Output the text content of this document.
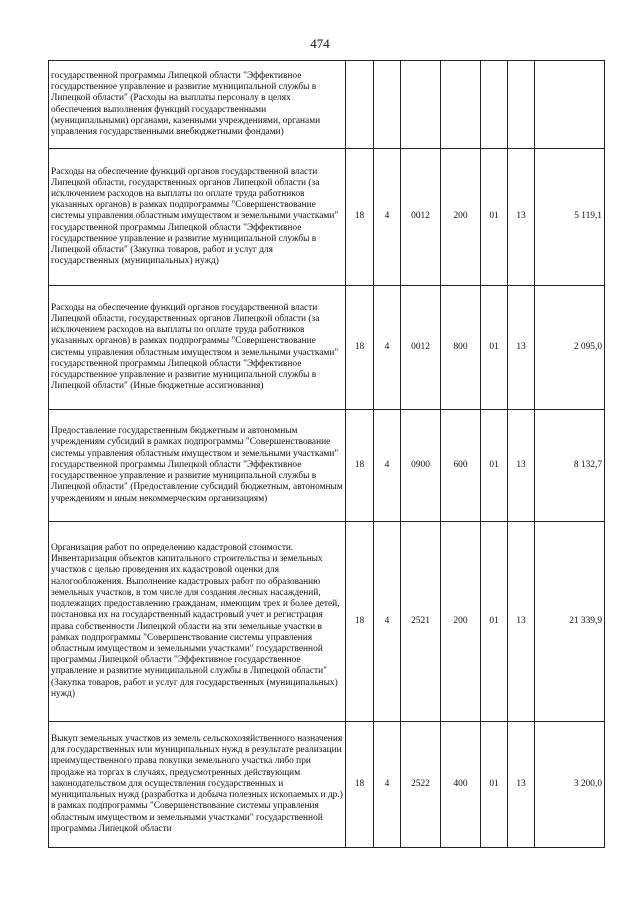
474
государственной программы Липецкой области "Эффективное государственное управление и развитие муниципальной службы в Липецкой области" (Расходы на выплаты персоналу в целях обеспечения выполнения функций государственными (муниципальными) органами, казенными учреждениями, органами управления государственными внебюджетными фондами)							
Расходы на обеспечение функций органов государственной власти Липецкой области, государственных органов Липецкой области (за исключением расходов на выплаты по оплате труда работников указанных органов) в рамках подпрограммы "Совершенствование системы управления областным имуществом и земельными участками" государственной программы Липецкой области "Эффективное государственное управление и развитие муниципальной службы в Липецкой области" (Закупка товаров, работ и услуг для государственных (муниципальных) нужд)	18	4	0012	200	01	13	5 119,1
Расходы на обеспечение функций органов государственной власти Липецкой области, государственных органов Липецкой области (за исключением расходов на выплаты по оплате труда работников указанных органов) в рамках подпрограммы "Совершенствование системы управления областным имуществом и земельными участками" государственной программы Липецкой области "Эффективное государственное управление и развитие муниципальной службы в Липецкой области" (Иные бюджетные ассигнования)	18	4	0012	800	01	13	2 095,0
Предоставление государственным бюджетным и автономным учреждениям субсидий в рамках подпрограммы "Совершенствование системы управления областным имуществом и земельными участками" государственной программы Липецкой области "Эффективное государственное управление и развитие муниципальной службы в Липецкой области" (Предоставление субсидий бюджетным, автономным учреждениям и иным некоммерческим организациям)	18	4	0900	600	01	13	8 132,7
Организация работ по определению кадастровой стоимости. Инвентаризация объектов капитального строительства и земельных участков с целью проведения их кадастровой оценки для налогообложения. Выполнение кадастровых работ по образованию земельных участков, в том числе для создания лесных насаждений, подлежащих предоставлению гражданам, имеющим трех и более детей, постановка их на государственный кадастровый учет и регистрация права собственности Липецкой области на эти земельные участки в рамках подпрограммы "Совершенствование системы управления областным имуществом и земельными участками" государственной программы Липецкой области "Эффективное государственное управление и развитие муниципальной службы в Липецкой области" (Закупка товаров, работ и услуг для государственных (муниципальных) нужд)	18	4	2521	200	01	13	21 339,9
Выкуп земельных участков из земель сельскохозяйственного назначения для государственных или муниципальных нужд в результате реализации преимущественного права покупки земельного участка либо при продаже на торгах в случаях, предусмотренных действующим законодательством для осуществления государственных и муниципальных нужд (разработка и добыча полезных ископаемых и др.) в рамках подпрограммы "Совершенствование системы управления областным имуществом и земельными участками" государственной программы Липецкой области	18	4	2522	400	01	13	3 200,0
